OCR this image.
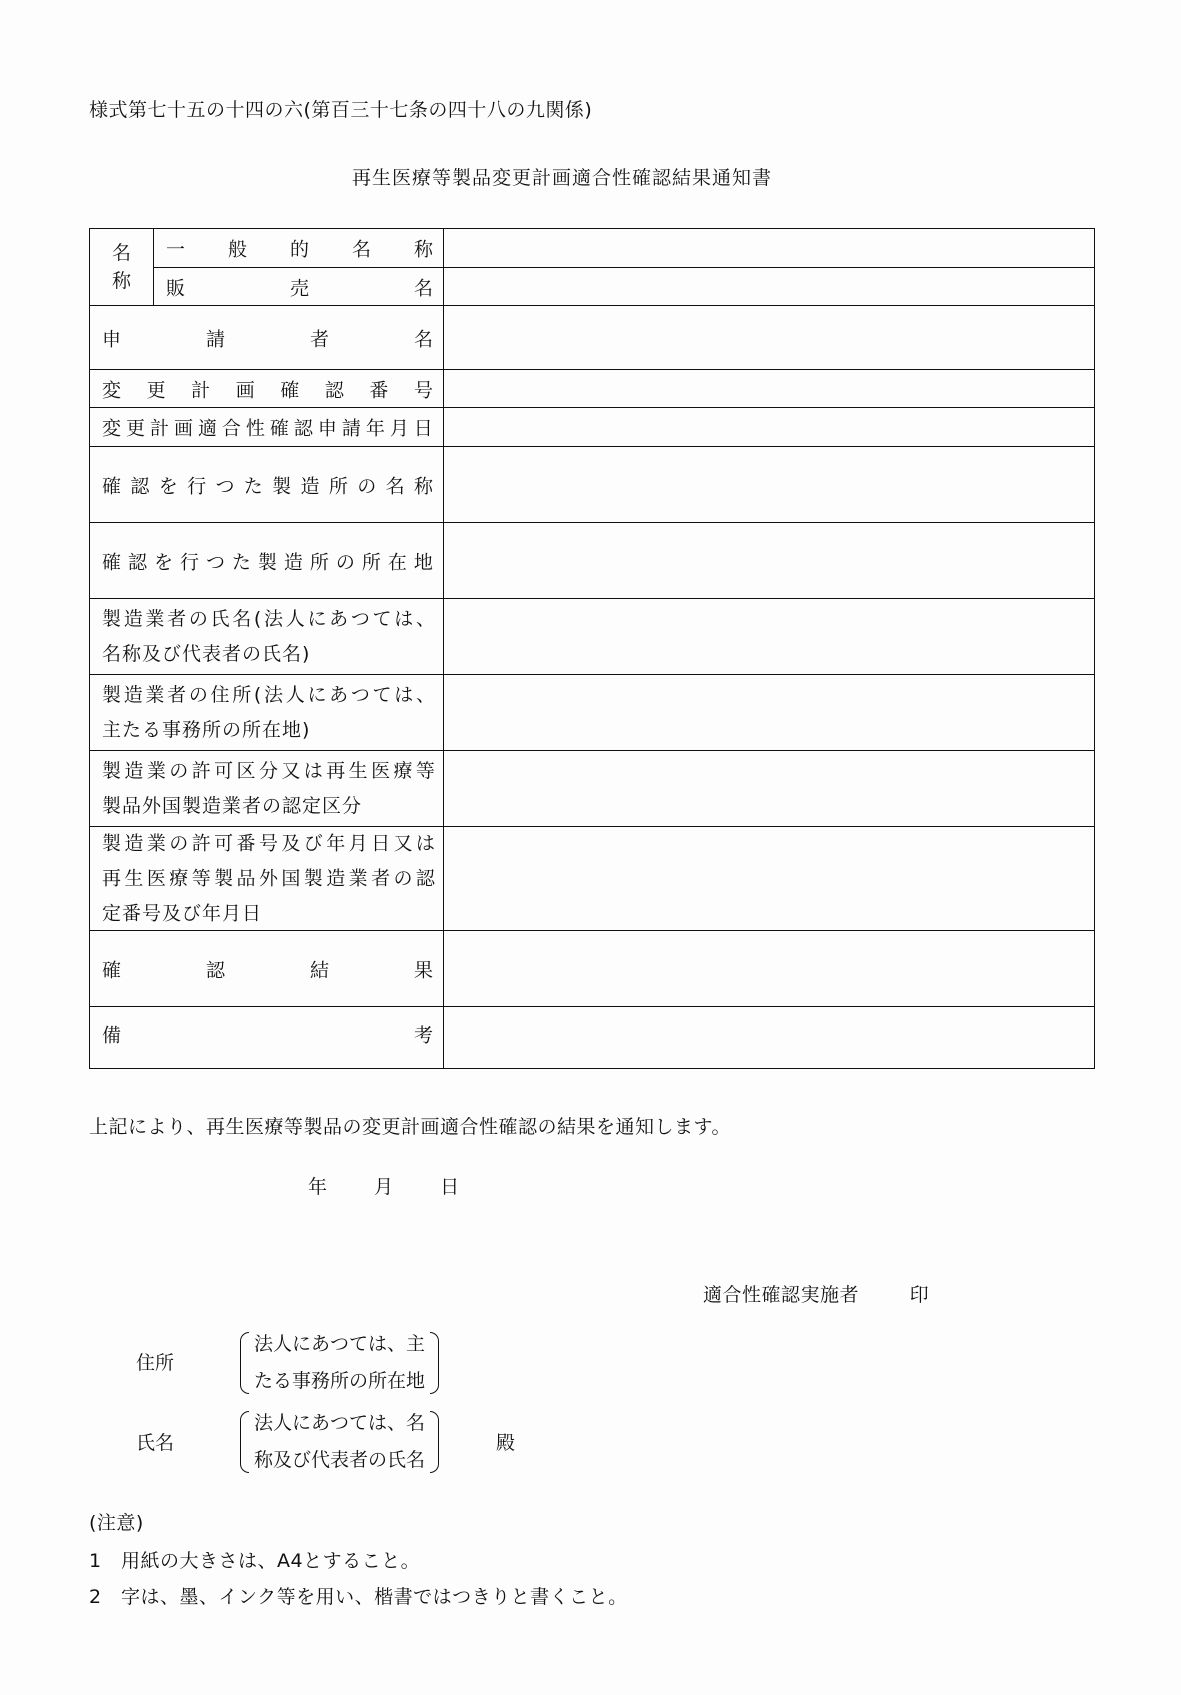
様式第七十五の十四の六(第百三十七条の四十八の九関係)
再生医療等製品変更計画適合性確認結果通知書
名
称
一 般 的 名 称
販	売	名
申	請	者	名
変 更 計 画 確 認 番 号
変 更 計 画 適 合 性 確 認 申 請 年 月 日
確 認 を 行 つ た 製 造 所 の 名 称
確 認 を 行 つ た 製 造 所 の 所 在 地
製 造 業 者 の 氏 名 ( 法 人 に あ つ て は 、
名称及び代表者の氏名)
製 造 業 者 の 住 所 ( 法 人 に あ つ て は 、
主たる事務所の所在地)
製 造 業 の 許 可 区 分 又 は 再 生 医 療 等
製品外国製造業者の認定区分
製 造 業 の 許 可 番 号 及 び 年 月 日 又 は
再 生 医 療 等 製 品 外 国 製 造 業 者 の 認
定番号及び年月日
確	認	結	果
備	考
上記により、再生医療等製品の変更計画適合性確認の結果を通知します。
年 月 日
適合性確認実施者	印
住所
法人にあつては、主
たる事務所の所在地
氏名
法人にあつては、名
称及び代表者の氏名
殿
(注意)
1 用紙の大きさは、A4とすること。
2 字は、墨、インク等を用い、楷書ではつきりと書くこと。
